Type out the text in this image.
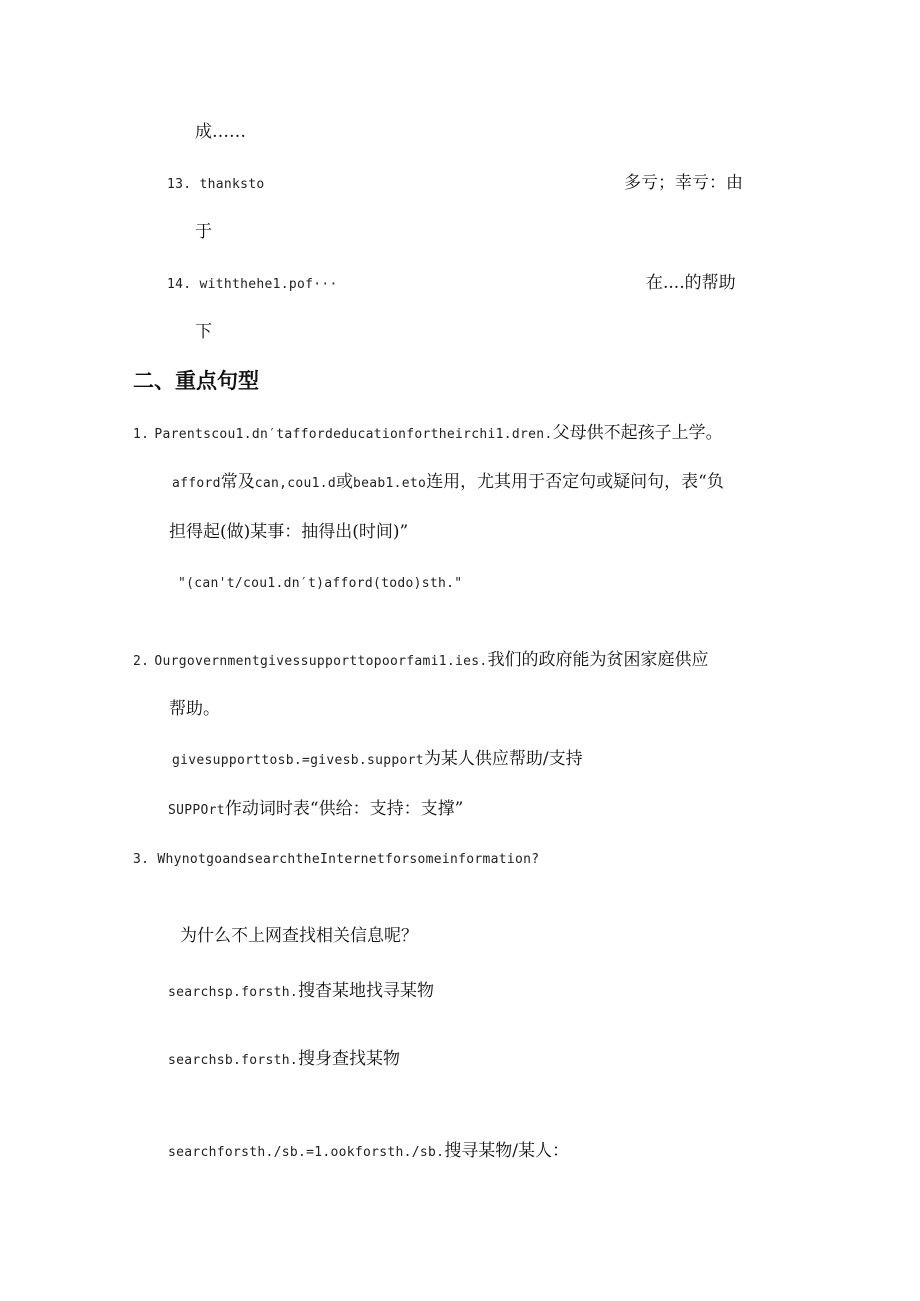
成……
13. thanksto	多亏；幸亏：由
于
14. withthehe1.pof···	在....的帮助
下
二、重点句型
1. Parentscou1.dn′taffordeducationfortheirchi1.dren.父母供不起孩子上学。
afford常及can,cou1.d或beab1.eto连用，尤其用于否定句或疑问句，表“负
担得起(做)某事：抽得出(时间)”
"(can't/cou1.dn′t)afford(todo)sth."
2. Ourgovernmentgivessupporttopoorfami1.ies.我们的政府能为贫困家庭供应
帮助。
givesupporttosb.=givesb.support为某人供应帮助/支持
SUPPOrt作动词时表“供给：支持：支撑”
3. WhynotgoandsearchtheInternetforsomeinformation?
为什么不上网查找相关信息呢？
searchsp.forsth.搜杳某地找寻某物
searchsb.forsth.搜身查找某物
searchforsth./sb.=1.ookforsth./sb.搜寻某物/某人：
